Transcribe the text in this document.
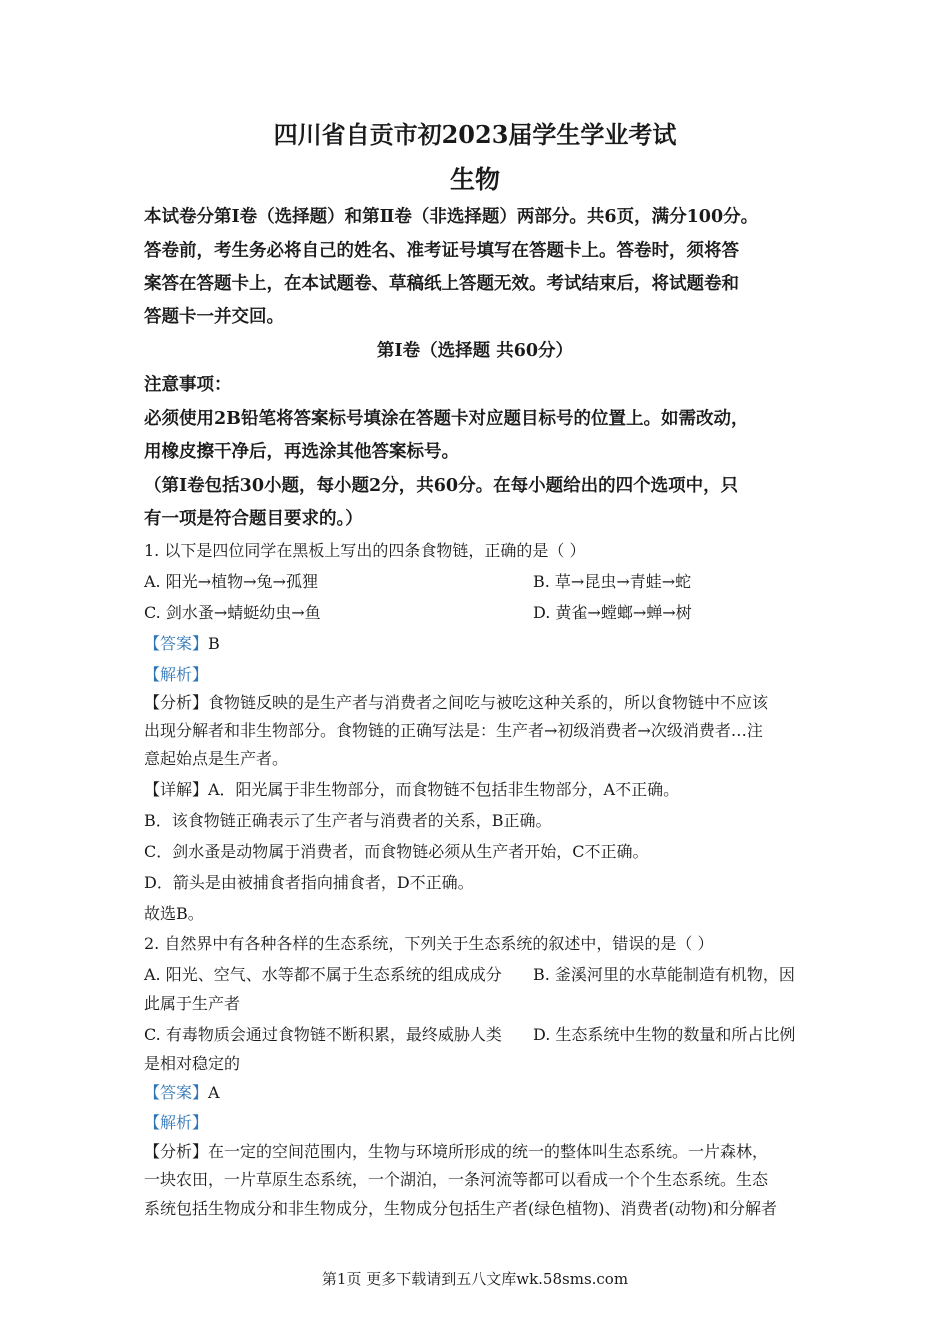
四川省自贡市初2023届学生学业考试
生物
本试卷分第Ⅰ卷（选择题）和第Ⅱ卷（非选择题）两部分。共6页，满分100分。
答卷前，考生务必将自己的姓名、准考证号填写在答题卡上。答卷时，须将答
案答在答题卡上，在本试题卷、草稿纸上答题无效。考试结束后，将试题卷和
答题卡一并交回。
第Ⅰ卷（选择题 共60分）
注意事项：
必须使用2B铅笔将答案标号填涂在答题卡对应题目标号的位置上。如需改动，
用橡皮擦干净后，再选涂其他答案标号。
（第Ⅰ卷包括30小题，每小题2分，共60分。在每小题给出的四个选项中，只
有一项是符合题目要求的。）
1. 以下是四位同学在黑板上写出的四条食物链，正确的是（ ）
A. 阳光→植物→兔→孤狸	B. 草→昆虫→青蛙→蛇
C. 剑水蚤→蜻蜓幼虫→鱼	D. 黄雀→螳螂→蝉→树
【答案】B
【解析】
【分析】食物链反映的是生产者与消费者之间吃与被吃这种关系的，所以食物链中不应该
出现分解者和非生物部分。食物链的正确写法是：生产者→初级消费者→次级消费者…注
意起始点是生产者。
【详解】A．阳光属于非生物部分，而食物链不包括非生物部分，A不正确。
B．该食物链正确表示了生产者与消费者的关系，B正确。
C．剑水蚤是动物属于消费者，而食物链必须从生产者开始，C不正确。
D．箭头是由被捕食者指向捕食者，D不正确。
故选B。
2. 自然界中有各种各样的生态系统，下列关于生态系统的叙述中，错误的是（ ）
A. 阳光、空气、水等都不属于生态系统的组成成分 B. 釜溪河里的水草能制造有机物，因
此属于生产者
C. 有毒物质会通过食物链不断积累，最终威胁人类 D. 生态系统中生物的数量和所占比例
是相对稳定的
【答案】A
【解析】
【分析】在一定的空间范围内，生物与环境所形成的统一的整体叫生态系统。一片森林，
一块农田，一片草原生态系统，一个湖泊，一条河流等都可以看成一个个生态系统。生态
系统包括生物成分和非生物成分，生物成分包括生产者(绿色植物)、消费者(动物)和分解者
第1页 更多下载请到五八文库wk.58sms.com
